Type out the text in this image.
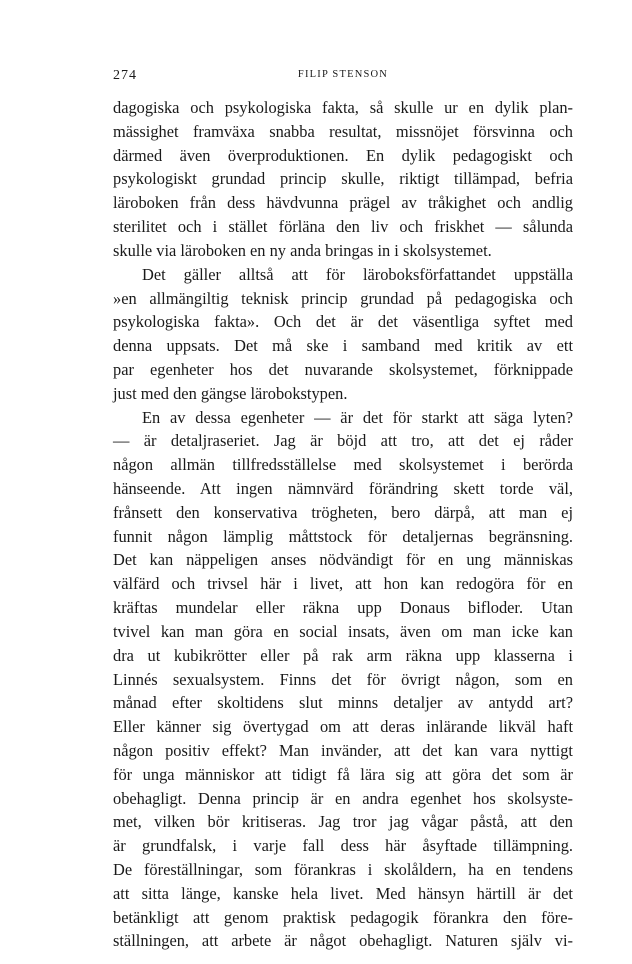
274	FILIP STENSON
dagogiska och psykologiska fakta, så skulle ur en dylik plan-
mässighet framväxa snabba resultat, missnöjet försvinna och
därmed även överproduktionen. En dylik pedagogiskt och
psykologiskt grundad princip skulle, riktigt tillämpad, befria
läroboken från dess hävdvunna prägel av tråkighet och andlig
sterilitet och i stället förläna den liv och friskhet — sålunda
skulle via läroboken en ny anda bringas in i skolsystemet.
Det gäller alltså att för läroboksförfattandet uppställa
»en allmängiltig teknisk princip grundad på pedagogiska och
psykologiska fakta». Och det är det väsentliga syftet med
denna uppsats. Det må ske i samband med kritik av ett
par egenheter hos det nuvarande skolsystemet, förknippade
just med den gängse lärobokstypen.
En av dessa egenheter — är det för starkt att säga lyten?
— är detaljraseriet. Jag är böjd att tro, att det ej råder
någon allmän tillfredsställelse med skolsystemet i berörda
hänseende. Att ingen nämnvärd förändring skett torde väl,
frånsett den konservativa trögheten, bero därpå, att man ej
funnit någon lämplig måttstock för detaljernas begränsning.
Det kan näppeligen anses nödvändigt för en ung människas
välfärd och trivsel här i livet, att hon kan redogöra för en
kräftas mundelar eller räkna upp Donaus bifloder. Utan
tvivel kan man göra en social insats, även om man icke kan
dra ut kubikrötter eller på rak arm räkna upp klasserna i
Linnés sexualsystem. Finns det för övrigt någon, som en
månad efter skoltidens slut minns detaljer av antydd art?
Eller känner sig övertygad om att deras inlärande likväl haft
någon positiv effekt? Man invänder, att det kan vara nyttigt
för unga människor att tidigt få lära sig att göra det som är
obehagligt. Denna princip är en andra egenhet hos skolsyste-
met, vilken bör kritiseras. Jag tror jag vågar påstå, att den
är grundfalsk, i varje fall dess här åsyftade tillämpning.
De föreställningar, som förankras i skolåldern, ha en tendens
att sitta länge, kanske hela livet. Med hänsyn härtill är det
betänkligt att genom praktisk pedagogik förankra den före-
ställningen, att arbete är något obehagligt. Naturen själv vi-
